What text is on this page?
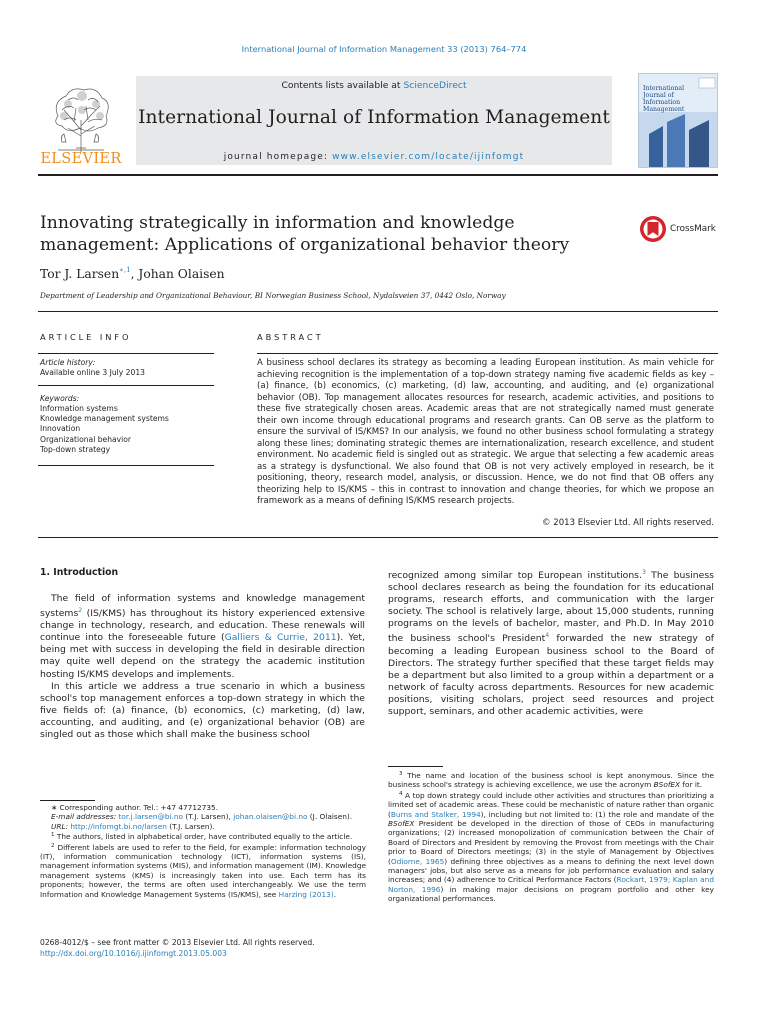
International Journal of Information Management 33 (2013) 764–774
ELSEVIER
Contents lists available at ScienceDirect
International Journal of Information Management
journal homepage: www.elsevier.com/locate/ijinfomgt
International Journal of
Information
Management
Innovating strategically in information and knowledge management: Applications of organizational behavior theory
CrossMark
Tor J. Larsen$^{∗,1}$, Johan Olaisen
Department of Leadership and Organizational Behaviour, BI Norwegian Business School, Nydalsveien 37, 0442 Oslo, Norway
ARTICLE INFO	ABSTRACT
Article history:
Available online 3 July 2013
Keywords:
Information systems
Knowledge management systems
Innovation
Organizational behavior
Top-down strategy
A business school declares its strategy as becoming a leading European institution. As main vehicle for achieving recognition is the implementation of a top-down strategy naming five academic fields as key – (a) finance, (b) economics, (c) marketing, (d) law, accounting, and auditing, and (e) organizational behavior (OB). Top management allocates resources for research, academic activities, and positions to these five strategically chosen areas. Academic areas that are not strategically named must generate their own income through educational programs and research grants. Can OB serve as the platform to ensure the survival of IS/KMS? In our analysis, we found no other business school formulating a strategy along these lines; dominating strategic themes are internationalization, research excellence, and student environment. No academic field is singled out as strategic. We argue that selecting a few academic areas as a strategy is dysfunctional. We also found that OB is not very actively employed in research, be it positioning, theory, research model, analysis, or discussion. Hence, we do not find that OB offers any theorizing help to IS/KMS – this in contrast to innovation and change theories, for which we propose an framework as a means of defining IS/KMS research projects.
© 2013 Elsevier Ltd. All rights reserved.
1. Introduction

The field of information systems and knowledge management systems$^2$ (IS/KMS) has throughout its history experienced extensive change in technology, research, and education. These renewals will continue into the foreseeable future (Galliers & Currie, 2011). Yet, being met with success in developing the field in desirable direction may quite well depend on the strategy the academic institution hosting IS/KMS develops and implements.

In this article we address a true scenario in which a business school's top management enforces a top-down strategy in which the five fields of: (a) finance, (b) economics, (c) marketing, (d) law, accounting, and auditing, and (e) organizational behavior (OB) are singled out as those which shall make the business school

recognized among similar top European institutions.$^3$ The business school declares research as being the foundation for its educational programs, research efforts, and communication with the larger society. The school is relatively large, about 15,000 students, running programs on the levels of bachelor, master, and Ph.D. In May 2010 the business school's President$^4$ forwarded the new strategy of becoming a leading European business school to the Board of Directors. The strategy further specified that these target fields may be a department but also limited to a group within a department or a network of faculty across departments. Resources for new academic positions, visiting scholars, project seed resources and project support, seminars, and other academic activities, were

∗ Corresponding author. Tel.: +47 47712735.
E-mail addresses: tor.j.larsen@bi.no (T.J. Larsen), johan.olaisen@bi.no (J. Olaisen).
URL: http://infomgt.bi.no/larsen (T.J. Larsen).
$^1$ The authors, listed in alphabetical order, have contributed equally to the article.
$^2$ Different labels are used to refer to the field, for example: information technology (IT), information communication technology (ICT), information systems (IS), management information systems (MIS), and information management (IM). Knowledge management systems (KMS) is increasingly taken into use. Each term has its proponents; however, the terms are often used interchangeably. We use the term Information and Knowledge Management Systems (IS/KMS), see Harzing (2013).
$^3$ The name and location of the business school is kept anonymous. Since the business school's strategy is achieving excellence, we use the acronym BSofEX for it.
$^4$ A top down strategy could include other activities and structures than prioritizing a limited set of academic areas. These could be mechanistic of nature rather than organic (Burns and Stalker, 1994), including but not limited to: (1) the role and mandate of the BSofEX President be developed in the direction of those of CEOs in manufacturing organizations; (2) increased monopolization of communication between the Chair of Board of Directors and President by removing the Provost from meetings with the Chair prior to Board of Directors meetings; (3) in the style of Management by Objectives (Odiorne, 1965) defining three objectives as a means to defining the next level down managers' jobs, but also serve as a means for job performance evaluation and salary increases; and (4) adherence to Critical Performance Factors (Rockart, 1979; Kaplan and Norton, 1996) in making major decisions on program portfolio and other key organizational performances.
0268-4012/$ – see front matter © 2013 Elsevier Ltd. All rights reserved.
http://dx.doi.org/10.1016/j.ijinfomgt.2013.05.003
